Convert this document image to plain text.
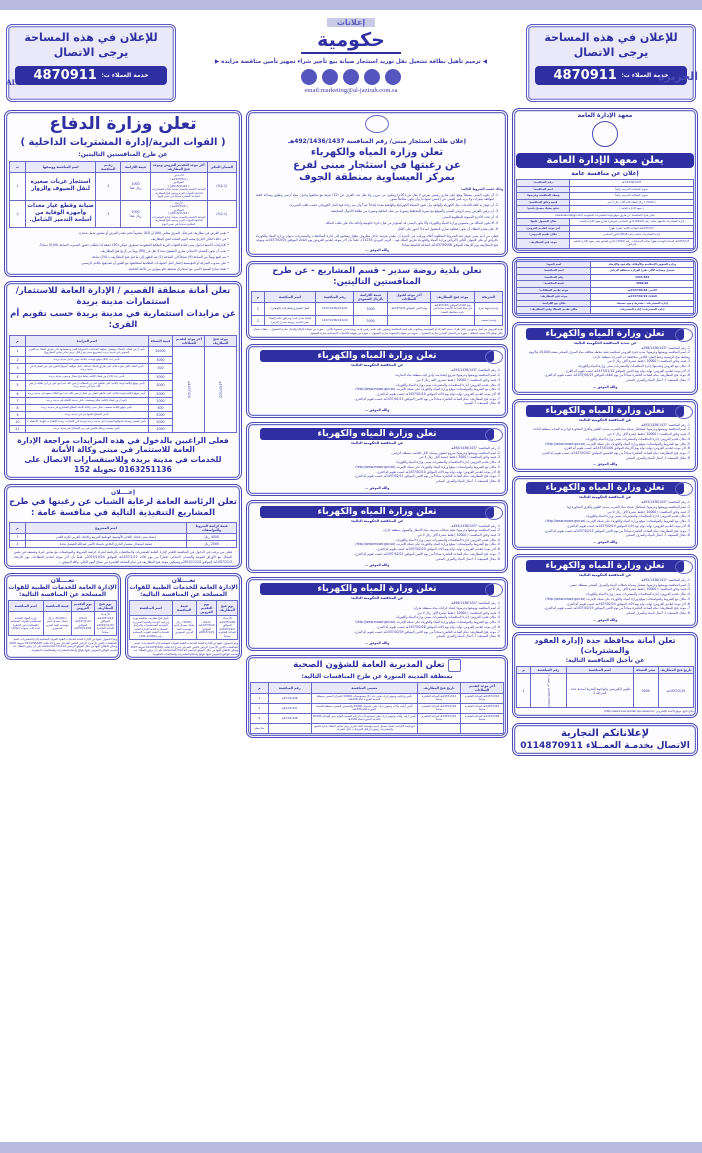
للإعلان في هذه المساحة
يرجى الاتصال
خدمة العملاء ت: 4870911
للإعلان في هذه المساحة
يرجى الاتصال
خدمة العملاء ت: 4870911
إعلانات
حكومية
◀ ترميم تأهيل نظافة تشغيل نقل توريد استئجار صيانة بيع تأجير شراء تجهيز تأمين مناقصة مزايدة ▶
email:marketing@al-jazirah.com.sa
AL-JAZIRAH	الجزيرة
تعلن وزارة الدفاع
( القوات البرية/إدارة المشتريات الداخلية )
عن طرح المنافستين التاليتين:
الضمان البنكي	آخر موعد للتقديم العروض وموعد فتح المظاريف	قيمة الكراسة	رقــم المنافسة	اسم المنافسة ووصفها	ت
(%2-1)	الاثــنــين
( 1437/2/4هـ )
الموافــق
( 2015/11/16م )
الساعة التاسعة والنصف صباحاً بإدارة المشتريات الداخلية للقوات البرية وسيتم فتح المظاريف الساعة العاشرة صباحاً في نفس اليوم	1000
ريال نقداً	2	استئجار عربات صغيرة لنقل الضيوف والزوار	1
(%2-1)	الأربعاء
( 1437/2/6هـ )
الموافــق
( 2015/11/18م )
الساعة التاسعة والنصف صباحاً بإدارة المشتريات الداخلية للقوات البرية وسيتم فتح المظاريف العاشرة صباحاً في نفس اليوم	1000
ريال نقداً	3	صيانة وقطع غيار معدات وأجهزة الوقاية من أسلحة التدمير الشامل.	2
• يقدم العرض في مظاريف غير قابل للتمزق مقاس (A4) أو (A3) مختوماً بختم مقدم العرض أو ملصق يحمل شعاره.
• في حالة اختلاف التاريخ يعتمد اليوم المحدد لفتح المظاريف.
• الإجراءات الأمنية لدخول مبنى قيادة القوات البرية الملكية السعودية تستغرق حوالي (30) دقيقة لذا يتطلب حضور المندوب الساعة (9,00) صباحاً.
• يجب أن يكون الضمان الابتدائي ساري المفعول مدة لا تقل عن (90) يوماً من تاريخ فتح المظاريف.
• يتم البيع يومياً من الساعة (9) صباحاً إلى الساعة (1) بعد الظهر إلى ما قبل فتح المظاريف بـ (24) ساعة.
• على مندوب الشركة أو المؤسسة إحضار أصل الشهادات النظامية لمطابقتها مع الصور أو تصديقها بالختم الرسمي.
• تعبئة نماذج المسح الأمني مع استخراج صحيفة خلو سوابق من الأدلة الجنائية.
تعلن أمانة منطقة القصيم / الإدارة العامة للاستثمار/ استثمارات مدينة بريدة
عن مزايدات استثمارية في مدينة بريدة حسب تقويم أم القرى:
موعد فتح المظاريف	آخر موعد لتقديم العطاءات	قيمة النسخة	اسم المزايدة	م
1437/2/5هـ	1437/2/4هـ	20000	تأجير أرض فضاء، لإنشاء، وتشغيل منطقة الصناعات التحويلية للتمر ومشتقاتها على طريق الملك عبدالعزيز الجنوبي في مدينة بريدة (مشروع مميز مع إرفاق عرض مالي وفني المشروع)	1
		3000	تأجير عدد (20) موقع لوحات إعلانية موبي داخل مدينة بريدة	2
		500	تأجير كشك كافي شوب قائم على طريق الملك عبدالله داخل مواقف أسواق التمور في حي الصفراء في مدينة بريدة	3
		5000	تأجير عدد (4) أرض فضاء لإقامة نقاط ذبح شمال وجنوب مدينة بريدة	4
		3000	تأجير موقع لإقامة لوحة إعلانية على تقاطع عمر بن الخطاب (رضي الله عنه) مع علي بن أبي طالب (رضي الله عنه) في مدينة بريدة	5
		2000	تأجير موقع لإقامة لوحة إعلانية على تقاطع عثمان بن عفان (رضي الله عنه) مع الملك سعود في مدينة بريدة	6
		2000	تأجير أرض فضاء لإقامة بقالة ومقصف داخل مدينة الألعام في مدينة بريدة	7
		500	تأجير موقع لإقامة مقصف داخل مبنى وكالة الأمانة لقطاع المشاريع في مدينة بريدة	8
		5000	تأجير المسلخ النموذجي في مدينة بريدة	9
		5000	تأجير تشغيل وصيانة المواقع الخضراء في مدينة بريدة (وحدة فرز النفايات، وحدة الإطارات، الهدم، الأخشاب)	10
		2000	تأجير مقصف وبقالة قائمين في حي الإسكان في مدينة بريدة	11
فعلى الراغبين بالدخول في هذه المزايدات مراجعة الإدارة العامة للاستثمار في مبنى وكالة الأمانة
للخدمات في مدينة بريدة وللاستفسارات الاتصال على 0163251136 تحويلة 152
إعــــلان
تعلن الرئاسة العامة لرعاية الشباب عن رغبتها في طرح المشاريع التنفيذية التالية في منافسة عامة :
قيمة كراسة الشروط والمواصفات	اسم المشروع	م
4000 ريال	إنشاء مبنى لاتحاد اللجان الأولمبية الوطنية العربية والاتحاد العربي لكرة القدم	1
2000 ريال	عملية استبدال مضمار الجري الخاص باستاد الأمير عبدالله الفيصل بجدة	2
فعلى من يرغب في الدخول في المنافسة التقدم لإدارة العامة للمشتريات والمناقصات بالرئاسة لشراء كراسة الشروط والمواصفات مع سابق خبرة وتصنيف في نفس المجال مع الأوراق الثبوتية والضمان الابتدائي اعتباراً من يوم الأحد 1437/1/12هـ الموافق 2015/10/24م علماً بأن آخر موعد لتقديم العطاءات يوم الأربعاء 1437/2/13هـ الموافق 2015/11/24م وسيكون موعد فتح المظاريف في تمام الساعة العاشرة من صباح اليوم التالي. والله الموفق ...
تعــــلان
الإدارة العامة للخدمات الطبية للقوات المسلحة عن المنافسة التالية:
يوم فتح المظاريف	يوم التقديم العروض	قيمة المنافسة	اسم المنافسة
الأربعــاء
1437/2/20هـ
الموافق
2015/12/2م
الساعة العاشرة صباحاً	الثـلاثاء
1437/2/19هـ
الموافق
2015/12/1م	( 5000 ) ريال بشيك مصدق باسم مؤسسة النقد العربي السعودي	تأجيل فتح مظاريف منافسة توريد وتركيب الوحدة والتقنية السريرية المؤتمتة المستشفيات والبرامج العسكرية التابعة للإدارة العامة للخدمات الطبية للقوات المسلحة رقم (1/4000-492)
ويتم الحصول عليها من الإدارة العامة للخدمات الطبية للقوات المسلحة إدارة المشتريات: قسم المناقصات (الدور الأرضي) الرياض الخاص الشرقي مخرج 11 هاتف 0114795500 تحويلة 1607 ويمكن الاطلاع عليها من خلال الموقع الرسمي www.msd.mod.sa على أن يرفق بالعطاء عند تقديمه الوثائق النصوص عليها بلوائح وأحكام المشتريات والمناقصات الحكومية.
تعــــلان
الإدارة العامة للخدمات الطبية للقوات المسلحة عن المنافسة التالية:
يوم فتح المظاريف	يوم التقديم العروض	قيمة المنافسة	اسم المنافسة
الأربعــاء
1437/1/14هـ
الموافق
2015/11/25م
الساعة العاشرة صباحاً	الثـلاثاء
1437/1/13هـ
الموافق
2015/11/26م	( 30,000 ) ريال بشيك مصدق باسم مؤسسة النقد العربي السعودي	توريد المواد الغذائية لمستشفى القوات المسلحة بالشمالية (خفر الباطن) لمدة ثلاث سنوات (1/32)
ويتم الحصول عليها من الإدارة العامة للخدمات الطبية للقوات المسلحة إدارة المشتريات: قسم المناقصات (الدور الأرضي) الرياض الخاص الشرقي مخرج 11 هاتف 0114795500 تحويلة 1607 ويمكن الاطلاع عليها من خلال الموقع الرسمي www.msd.mod.sa على أن يرفق بالعطاء عند تقديمه الوثائق النصوص عليها بلوائح وأحكام المشتريات والمناقصات الحكومية.
إعلان طلب استئجار مبنى/ رقم المنافسة 492/1436/1437هـ
تعلن وزارة المياه والكهرباء
عن رغبتها في استئجار مبنى لفرع
بمركز العيساوية بمنطقة الجوف
وذلك حسب الشروط التالية:
1. أن يكون المبنى مسلحاً ويقع على شارع رئيسي يعرض لا يقل عن (20م) ويتكون من دورين ولا يقل عدد الغرف عن (12) غرفة مع منافعها وخزان مياه أرضي وعلوي وساحة كافية لمواقف سيارات ولا يزيد عمر المبنى عن (خمس سنوات) وأن يكون محاطاً بسور.
2. أن تتوفر به كافة الخدمات مثل الكهرباء والهاتف وأن تكون الشبكة الكهربائية والهاتفية معدة إعداداً جيداً وأن يتم زيادة قوة التيار الكهربائي حسب طلب الشريرة.
3. أن يرفق بالعرض رسم كروكي للمبنى والموقع مع صورة للمخطط وصورة من صك الملكية وصورة من بطاقة الأحوال الشخصية.
4. أن تحدد الأجرة السنوية المطلوبة للمبنى.
5. ألا يكون المالك من منسوبي وزارة المياه والكهرباء وألا يكون المبنى قد استؤجر من قبل دائرة حكومية وأخلته بناءً على طلب المالك.
6. على مقدم العطاء أن يكون عطاؤه ساري المفعول لمدة 3 أشهر على الأقل.
فعلى من لديه مبنى تتوفر فيه الشروط المطلوبة أعلاه ويرغب في تأجيره أن يتقدم بعرضه داخل مظروف مقفل ومختوم إلى إدارة المناقصات والمشتريات بديوان وزارة المياه والكهرباء بالرياض أو على العنوان التالي (الرياض وزارة المياه والكهرباء طريق الملك فهد - الرمز البريدي 11233)، علماً بأن آخر موعد لتقديم العروض يوم الثلاثاء الموافق 1437/02/05هـ وموعد فتح المظاريف يوم الأربعاء الموافق 1437/02/06هـ الساعة التاسعة صباحاً.
والله الموفق ...
تعلن بلدية روضة سدير - قسم المشاريع - عن طرح المنافستين التاليتين:
الشريحة	موعد فتح المظاريف	آخر موعد لقبول العطاءات	قيمة الكراسة بالريال السعودي	رقم المنافسة	اسم المنافسة	م
واحدة لمهنة غيرة	يوم الثلاثاء الموافق 1437/2/5هـ في تمام الساعة التاسعة صباحاً في بلدية محافظة الصمة	يوم الاثنين الموافق 1437/2/4هـ	3000	1437/1436/2/14/21	تأهيل الشوارع والطرقات (الوطني)	1
واحدة تصنيف			3000	1437/1436/2/14/22	إنشاء مباني بلدية ومرافق عامة (إنشاء مبنى البلدية بروضة سدير) (الرمز)	2
تقدم العروض من أصل وصورتين داخل ظرف مختم الشركة أو المؤسسة ومكتوب عليه اسم المنافسة ومعنون عليه باسم رئيس بلدية روضة سدير مصحوبا بالآتي: - صورة من شهادة الزكاة والدخل سارية المفعول. - خطاب ضمان بنكي بواقع %1 حسب النظام. - صورة من السجل التجاري سارية المفعول. - صورة من شهادة السعودة سارية المفعول. - صورة من شهادة التأمينات الاجتماعية سارية المفعول.
تعلن وزارة المياه والكهرباء
عن المناقصة الحكومية التالية:
1- رقم المنافسة: 191/1436/1437هـ
2- اسم المنافسة ووصفها وغرضها: شروع إنشاء سد وادي اليد بمنطقة مكة المكرمة.
3- قيمة وثائق المنافسة: ( 10000 ) فقط عشرون ألف ريال لا غير.
4- مكان تقديم العروض: إدارة المناقصات والمشتريات بمبنى وزارة المياه والكهرباء.
5- مكان بيع الشروط والمواصفات: موقع وزارة المياه والكهرباء على شبكة الإنترنت (http://www.mowe.gov.sa)
6- آخر موعد لتقديم العروض: نهاية دوام يوم الأحد الموافق 1437/01/10هـ حسب تقويم أم القرى.
7- موعد فتح المظاريف: تمام الساعة العاشرة صباحاً من يوم الاثنين الموافق 1437/01/11هـ حسب تقويم أم القرى.
8- مجال التصنيف: أ- السدود
والله الموفق ...
تعلن وزارة المياه والكهرباء
عن المناقصة الحكومية التالية:
1- رقم المنافسة: 490/1436/1437هـ
2- اسم المنافسة ووصفها وغرضها: شروع لتطوير وصيانة الآبار الخاصة بمنطقة الرياض.
3- قيمة وثائق المنافسة: ( 5000 ) فقط خمسة آلاف ريال لا غير.
4- مكان تقديم العروض: إدارة المناقصات والمشتريات بمبنى وزارة المياه والكهرباء.
5- مكان بيع الشروط والمواصفات: موقع وزارة المياه والكهرباء على شبكة الإنترنت (http://www.mowe.gov.sa)
6- آخر موعد لتقديم العروض: نهاية دوام يوم الأحد الموافق 1437/02/10هـ حسب تقويم أم القرى.
7- موعد فتح المظاريف: تمام الساعة العاشرة صباحاً من يوم الاثنين الموافق 1437/02/11هـ حسب تقويم أم القرى.
8- مجال التصنيف: أ- أعمال المياه والصرف الصحي
والله الموفق ...
تعلن وزارة المياه والكهرباء
عن المناقصة الحكومية التالية:
1- رقم المنافسة: 494/1436/1437هـ
2- اسم المنافسة ووصفها وغرضها: تنفيذ شبكات تصريف مياه الأمطار والسيول بمنطقة جازان.
3- قيمة وثائق المنافسة: ( 10000 ) فقط عشرة آلاف ريال لا غير.
4- مكان تقديم العروض: إدارة المناقصات والمشتريات بمبنى وزارة المياه والكهرباء.
5- مكان بيع الشروط والمواصفات: موقع وزارة المياه والكهرباء على شبكة الإنترنت (http://www.mowe.gov.sa)
6- آخر موعد لتقديم العروض: نهاية دوام يوم الأحد الموافق 1437/02/20هـ حسب تقويم أم القرى.
7- موعد فتح المظاريف: تمام الساعة العاشرة صباحاً من يوم الاثنين الموافق 1437/02/21هـ حسب تقويم أم القرى.
8- مجال التصنيف: أ- أعمال المياه والصرف الصحي
والله الموفق ...
تعلن وزارة المياه والكهرباء
عن المناقصة الحكومية التالية:
1- رقم المنافسة: 496/1436/1437هـ
2- اسم المنافسة ووصفها وغرضها: إنشاء خزانات مياه بمنطقة نجران.
3- قيمة وثائق المنافسة: ( 10000 ) فقط عشرة آلاف ريال لا غير.
4- مكان تقديم العروض: إدارة المناقصات والمشتريات بمبنى وزارة المياه والكهرباء.
5- مكان بيع الشروط والمواصفات: موقع وزارة المياه والكهرباء على شبكة الإنترنت (http://www.mowe.gov.sa)
6- آخر موعد لتقديم العروض: نهاية دوام يوم الأحد الموافق 1437/02/28هـ حسب تقويم أم القرى.
7- موعد فتح المظاريف: تمام الساعة العاشرة صباحاً من يوم الاثنين الموافق 1437/02/29هـ حسب تقويم أم القرى.
8- مجال التصنيف: أ- أعمال المياه والصرف الصحي
والله الموفق ...
تعلن المديرية العامة للشؤون الصحية
بمنطقة المدينة المنورة عن طرح المنافسات التالية:
آخر موعد لتقديم العطاءات	تاريخ فتح المظاريف	مسمى المنافسة	رقم المنافسة	م
1437/2/10هـ الساعة العاشرة صباحاً	1437/2/11هـ الساعة العاشرة صباحاً	تأمين وتركيب وتجهيز غرف طبي عدد (1) مستوصفات 50000 بالمركز الصحي بمنطقة المدينة المنورة لعام 1436هـ	43-05-436م	1
1437/2/23هـ الساعة العاشرة صباحاً	1437/2/24هـ الساعة العاشرة صباحاً	تأمين أرفف وأثاث وتجهيز غرف طبي مستوى 50000 والتحسين الصحي بمنطقة المدينة المنورة لعام 1436هـ	43-05-437م	2
1437/2/28هـ الساعة العاشرة صباحاً	1437/2/29هـ الساعة العاشرة صباحاً	تأمين أرفف وأثاث وتجهيز غرف طبي لمستودعات الرعاية الصحية الأولية بحي الهدائية 50000 بالمدينة المنورة لعام 1436هـ	43-05-438م	3
		دفع قيمة الكراسة بشيك مصدق باسم مؤسسة النقد العربي ويتم تسليم العطاء بإدارة العقود والمشتريات وصورة إرفاق الميزانيات داخل الصرف.		ملا حظة
معهد الإدارة العامة
يعلن معهد الإدارة العامة
إعلان عن منافسة عامة
7/1436/1437هـ	رقم المنافسة:
تحويل الحقائب التدريبية رقمياً	اسم المنافسة:
تحويل الحقائب التدريبية رقمياً	وصف المنافسة وغرضها:
( 3,000 ) ريال فقط/ ثلاثة آلاف ريال لا غير	قيمة وثائق المنافسة:
( معهد الإدارة العامة )	تدفع بشيك مصدق باسم:
يمكن شراء المنافسة عن طريق موقع بوابة المشتريات الحكومية (www.saudiegp.com)	
إدارة المشتريات بالمعهد مكتب رقم (6014) الدور السادس بالرياض/ شارع معهد الإدارة العامة.	مكان الحصول عليها:
1437/1/7هـ الساعة الثانية عشرة ظهراً	آخر موعد لتقديم العروض:
إدارة المشتريات مكتب رقم (9014) الدور السادس	مكان تقديم العروض:
1437/1/7هـ الساعة الواحدة ظهراً بقاعة الاجتماعات رقم (7022) بالدور السابع بمقر معهد الإدارة العامة بالرياض.	موعد فتح المظاريف:
وزارة الشؤون الإسلامية والأوقاف والدعوة والإرشاد	اسم الجهة:
تشغيل وصيانة الآلي بفرع الوزارة بمنطقة الرياض	اسم المنافسة:
1434-563	رقم المنافسة:
3000,00	قيمة المنافسة:
الاثنين 1437/02/18هـ	موعد تقديم العطاءات:
الثلاثاء 1437/02/19هـ	موعد فتح المظاريف:
إدارة المشتريات - يشترط وجود تصنيف	مكان بيع الكراسة:
إدارة المشتريات/ إدارة المشتريات	مكان تقديم العطاء وفتح المظاريف:
تعلن وزارة المياه والكهرباء
عن تمديد المناقصة الحكومية التالية:
1- رقم المنافسة: 398/1436/1437هـ
2- اسم المنافسة ووصفها وغرضها: تمديد فترة العروض لمنافسة تنفيذ محطة معالجة مياه الصرف الصحي بسعة 20,000 م3/يوم ومحطة ضخ الرئيسية وخط الطرد الخاص بمحافظة حد الشرحة بمنطقة جازان.
3- قيمة وثائق المنافسة: ( 10000 ) فقط عشرة آلاف ريال لا غير.
4- مكان بيع العروض وتقديمها: إدارة المناقصات والمشتريات بمبنى وزارة المياه والكهرباء.
5- آخر موعد لتقديم العروض: نهاية دوام يوم الاثنين الموافق 1437/01/14هـ حسب تقويم أم القرى.
6- موعد فتح المظاريف: تمام الساعة العاشرة صباحاً من يوم الثلاثاء الموافق 1437/01/15هـ حسب تقويم أم القرى.
7- مجال التصنيف: أ- أعمال المياه والصرف الصحي
والله الموفق ...
تعلن وزارة المياه والكهرباء
عن المناقصة الحكومية التالية:
1- رقم المنافسة: 492/1436/1437هـ
2- اسم المنافسة ووصفها وغرضها: استكمال شبكة مياه الشرب بمدينة العليق والفرق المجاورة لها ترعة الصابة بمنطقة الباحة.
3- قيمة وثائق المنافسة: ( 10000 ) فقط عشرة آلاف ريال لا غير.
4- مكان تقديم العروض: إدارة المناقصات والمشتريات بمبنى وزارة المياه والكهرباء.
5- مكان بيع الشروط والمواصفات: موقع وزارة المياه والكهرباء على شبكة الإنترنت (http://www.mowe.gov.sa)
6- آخر موعد لتقديم العروض: نهاية دوام يوم الأربعاء الموافق 1437/01/06هـ حسب تقويم أم القرى.
7- موعد فتح المظاريف: تمام الساعة العاشرة صباحاً من يوم الخميس الموافق 1437/02/07هـ حسب تقويم أم القرى.
8- مجال التصنيف: أ- أعمال المياه والصرف الصحي
والله الموفق ...
تعلن وزارة المياه والكهرباء
عن المناقصة الحكومية التالية:
1- رقم المنافسة: 493/1436/1437هـ
2- اسم المنافسة ووصفها وغرضها: استكمال شبكة مياه الشرب بمدينة العليق والفرق المجاورة لها.
3- قيمة وثائق المنافسة: ( 10000 ) فقط عشرة آلاف ريال لا غير.
4- مكان تقديم العروض: إدارة المناقصات والمشتريات بمبنى وزارة المياه والكهرباء.
5- مكان بيع الشروط والمواصفات: موقع وزارة المياه والكهرباء على شبكة الإنترنت (http://www.mowe.gov.sa)
6- آخر موعد لتقديم العروض: نهاية دوام يوم الأحد الموافق 1437/02/14هـ حسب تقويم أم القرى.
7- موعد فتح المظاريف: تمام الساعة العاشرة صباحاً من يوم الاثنين الموافق 1437/02/15هـ حسب تقويم أم القرى.
8- مجال التصنيف: أ- أعمال المياه والصرف الصحي
والله الموفق ...
تعلن وزارة المياه والكهرباء
عن المناقصة الحكومية التالية:
1- رقم المنافسة: 495/1436/1437هـ
2- اسم المنافسة ووصفها وغرضها: تشغيل وصيانة شبكات المياه والصرف الصحي بمنطقة عسير.
3- قيمة وثائق المنافسة: ( 10000 ) فقط عشرة آلاف ريال لا غير.
4- مكان تقديم العروض: إدارة المناقصات والمشتريات بمبنى وزارة المياه والكهرباء.
5- مكان بيع الشروط والمواصفات: موقع وزارة المياه والكهرباء على شبكة الإنترنت (http://www.mowe.gov.sa)
6- آخر موعد لتقديم العروض: نهاية دوام يوم الأحد الموافق 1437/02/24هـ حسب تقويم أم القرى.
7- موعد فتح المظاريف: تمام الساعة العاشرة صباحاً من يوم الاثنين الموافق 1437/02/25هـ حسب تقويم أم القرى.
8- مجال التصنيف: أ- أعمال المياه والصرف الصحي
والله الموفق ...
تعلن أمانة محافظة جدة (إدارة العقود والمشتريات)
عن تأجيل المنافسة التالية:
تاريخ فتح المظاريف	سعر النسخة	اسم المنافسة	رقم المنافسة	م
1437/2/10هـ	5000	تطوير الكورنيش والواجهة البحرية لمدينة جدة - المرحلة 2	1435/1436/2م ص الفئة 1	1
مكان البيع: موقع الأمانة الإلكتروني (http://eservices.jeddah.gov.sa/eproc)
لإعلاناتكم التجارية
الاتصال بخدمـة العمــلاء 0114870911
